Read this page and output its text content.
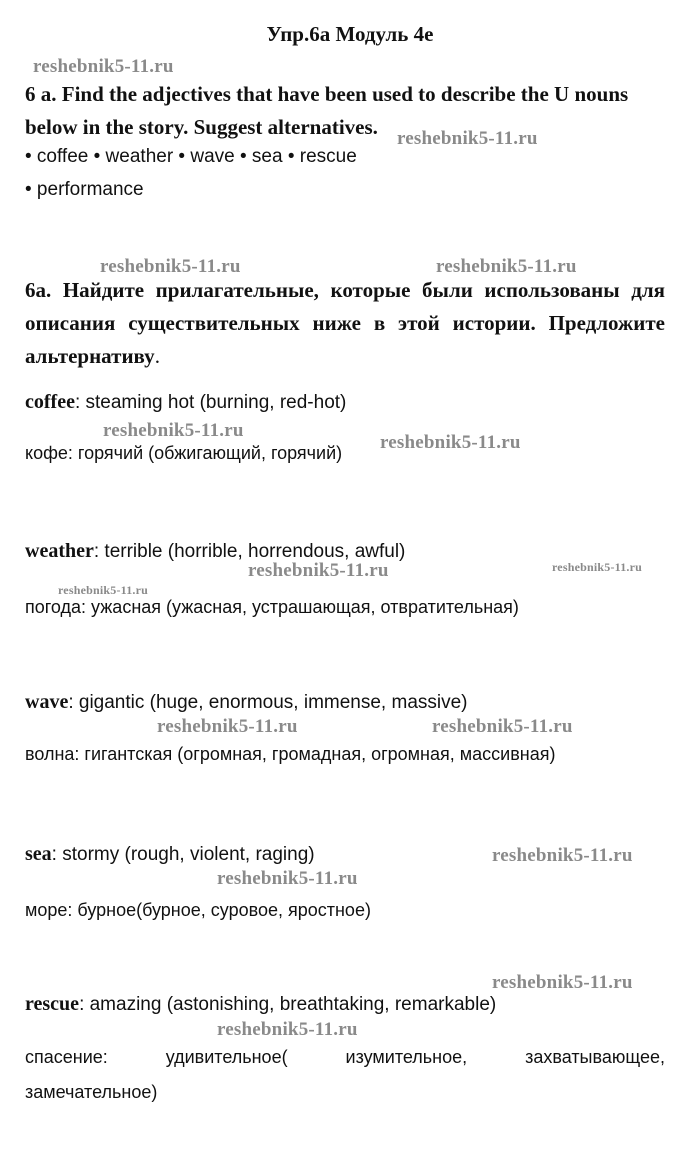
Упр.6а Модуль 4e
6 a. Find the adjectives that have been used to describe the U nouns
below in the story. Suggest alternatives.
• coffee • weather • wave • sea • rescue
• performance
6а. Найдите прилагательные, которые были использованы для
описания существительных ниже в этой истории. Предложите
альтернативу.
coffee: steaming hot (burning, red-hot)
кофе: горячий (обжигающий, горячий)
weather: terrible (horrible, horrendous, awful)
погода: ужасная (ужасная, устрашающая, отвратительная)
wave: gigantic (huge, enormous, immense, massive)
волна: гигантская (огромная, громадная, огромная, массивная)
sea: stormy (rough, violent, raging)
море: бурное(бурное, суровое, яростное)
rescue: amazing (astonishing, breathtaking, remarkable)
спасение: удивительное( изумительное, захватывающее,
замечательное)
reshebnik5-11.ru
reshebnik5-11.ru
reshebnik5-11.ru	reshebnik5-11.ru
reshebnik5-11.ru
reshebnik5-11.ru
reshebnik5-11.ru	reshebnik5-11.ru
reshebnik5-11.ru
reshebnik5-11.ru	reshebnik5-11.ru
reshebnik5-11.ru
reshebnik5-11.ru
reshebnik5-11.ru
reshebnik5-11.ru
